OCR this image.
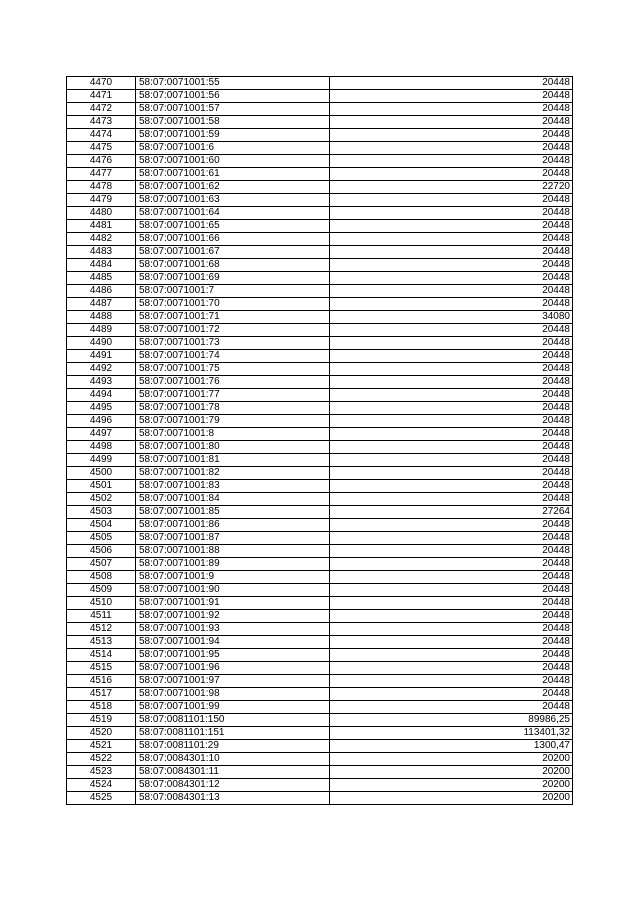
4470	58:07:0071001:55	20448
4471	58:07:0071001:56	20448
4472	58:07:0071001:57	20448
4473	58:07:0071001:58	20448
4474	58:07:0071001:59	20448
4475	58:07:0071001:6	20448
4476	58:07:0071001:60	20448
4477	58:07:0071001:61	20448
4478	58:07:0071001:62	22720
4479	58:07:0071001:63	20448
4480	58:07:0071001:64	20448
4481	58:07:0071001:65	20448
4482	58:07:0071001:66	20448
4483	58:07:0071001:67	20448
4484	58:07:0071001:68	20448
4485	58:07:0071001:69	20448
4486	58:07:0071001:7	20448
4487	58:07:0071001:70	20448
4488	58:07:0071001:71	34080
4489	58:07:0071001:72	20448
4490	58:07:0071001:73	20448
4491	58:07:0071001:74	20448
4492	58:07:0071001:75	20448
4493	58:07:0071001:76	20448
4494	58:07:0071001:77	20448
4495	58:07:0071001:78	20448
4496	58:07:0071001:79	20448
4497	58:07:0071001:8	20448
4498	58:07:0071001:80	20448
4499	58:07:0071001:81	20448
4500	58:07:0071001:82	20448
4501	58:07:0071001:83	20448
4502	58:07:0071001:84	20448
4503	58:07:0071001:85	27264
4504	58:07:0071001:86	20448
4505	58:07:0071001:87	20448
4506	58:07:0071001:88	20448
4507	58:07:0071001:89	20448
4508	58:07:0071001:9	20448
4509	58:07:0071001:90	20448
4510	58:07:0071001:91	20448
4511	58:07:0071001:92	20448
4512	58:07:0071001:93	20448
4513	58:07:0071001:94	20448
4514	58:07:0071001:95	20448
4515	58:07:0071001:96	20448
4516	58:07:0071001:97	20448
4517	58:07:0071001:98	20448
4518	58:07:0071001:99	20448
4519	58:07:0081101:150	89986,25
4520	58:07:0081101:151	113401,32
4521	58:07:0081101:29	1300,47
4522	58:07:0084301:10	20200
4523	58:07:0084301:11	20200
4524	58:07:0084301:12	20200
4525	58:07:0084301:13	20200
